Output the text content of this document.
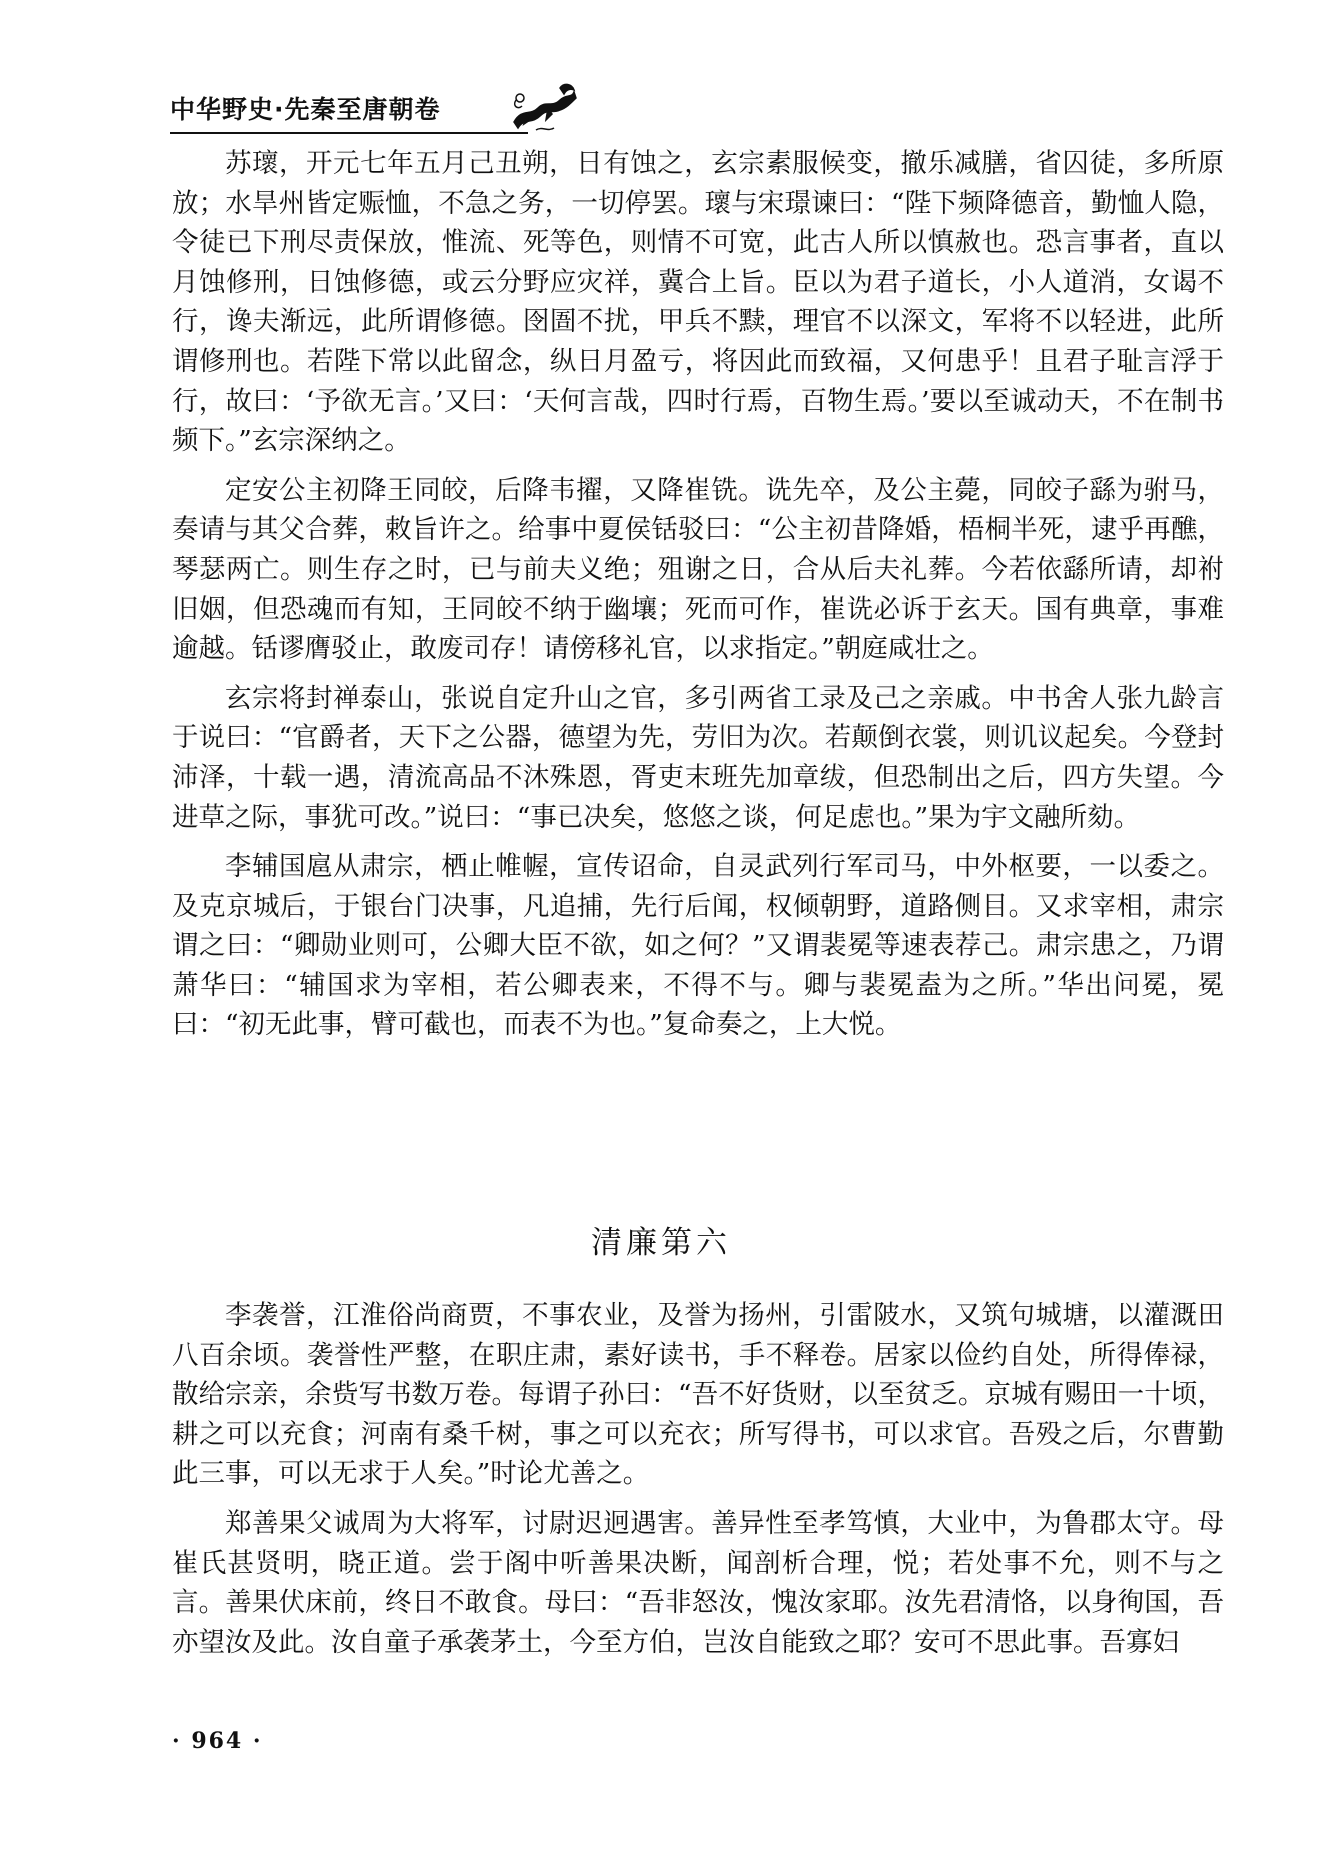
中华野史·先秦至唐朝卷

苏瓌，开元七年五月己丑朔，日有蚀之，玄宗素服候变，撤乐减膳，省囚徒，多所原放；水旱州皆定赈恤，不急之务，一切停罢。瓌与宋璟谏曰：“陛下频降德音，勤恤人隐，令徒已下刑尽责保放，惟流、死等色，则情不可宽，此古人所以慎赦也。恐言事者，直以月蚀修刑，日蚀修德，或云分野应灾祥，冀合上旨。臣以为君子道长，小人道消，女谒不行，谗夫渐远，此所谓修德。囹圄不扰，甲兵不黩，理官不以深文，军将不以轻进，此所谓修刑也。若陛下常以此留念，纵日月盈亏，将因此而致福，又何患乎！且君子耻言浮于行，故曰：‘予欲无言。’又曰：‘天何言哉，四时行焉，百物生焉。’要以至诚动天，不在制书频下。”玄宗深纳之。

定安公主初降王同皎，后降韦擢，又降崔铣。诜先卒，及公主薨，同皎子繇为驸马，奏请与其父合葬，敕旨许之。给事中夏侯铦驳曰：“公主初昔降婚，梧桐半死，逮乎再醮，琴瑟两亡。则生存之时，已与前夫义绝；殂谢之日，合从后夫礼葬。今若依繇所请，却祔旧姻，但恐魂而有知，王同皎不纳于幽壤；死而可作，崔诜必诉于玄天。国有典章，事难逾越。铦谬膺驳止，敢废司存！请傍移礼官，以求指定。”朝庭咸壮之。

玄宗将封禅泰山，张说自定升山之官，多引两省工录及己之亲戚。中书舍人张九龄言于说曰：“官爵者，天下之公器，德望为先，劳旧为次。若颠倒衣裳，则讥议起矣。今登封沛泽，十载一遇，清流高品不沐殊恩，胥吏末班先加章绂，但恐制出之后，四方失望。今进草之际，事犹可改。”说曰：“事已决矣，悠悠之谈，何足虑也。”果为宇文融所劾。

李辅国扈从肃宗，栖止帷幄，宣传诏命，自灵武列行军司马，中外枢要，一以委之。及克京城后，于银台门决事，凡追捕，先行后闻，权倾朝野，道路侧目。又求宰相，肃宗谓之曰：“卿勋业则可，公卿大臣不欲，如之何？”又谓裴冕等速表荐己。肃宗患之，乃谓萧华曰：“辅国求为宰相，若公卿表来，不得不与。卿与裴冕盍为之所。”华出问冕，冕曰：“初无此事，臂可截也，而表不为也。”复命奏之，上大悦。

清廉第六

李袭誉，江淮俗尚商贾，不事农业，及誉为扬州，引雷陂水，又筑句城塘，以灌溉田八百余顷。袭誉性严整，在职庄肃，素好读书，手不释卷。居家以俭约自处，所得俸禄，散给宗亲，余赀写书数万卷。每谓子孙曰：“吾不好货财，以至贫乏。京城有赐田一十顷，耕之可以充食；河南有桑千树，事之可以充衣；所写得书，可以求官。吾殁之后，尔曹勤此三事，可以无求于人矣。”时论尤善之。

郑善果父诚周为大将军，讨尉迟迥遇害。善异性至孝笃慎，大业中，为鲁郡太守。母崔氏甚贤明，晓正道。尝于阁中听善果决断，闻剖析合理，悦；若处事不允，则不与之言。善果伏床前，终日不敢食。母曰：“吾非怒汝，愧汝家耶。汝先君清恪，以身徇国，吾亦望汝及此。汝自童子承袭茅土，今至方伯，岂汝自能致之耶？安可不思此事。吾寡妇

· 964 ·
